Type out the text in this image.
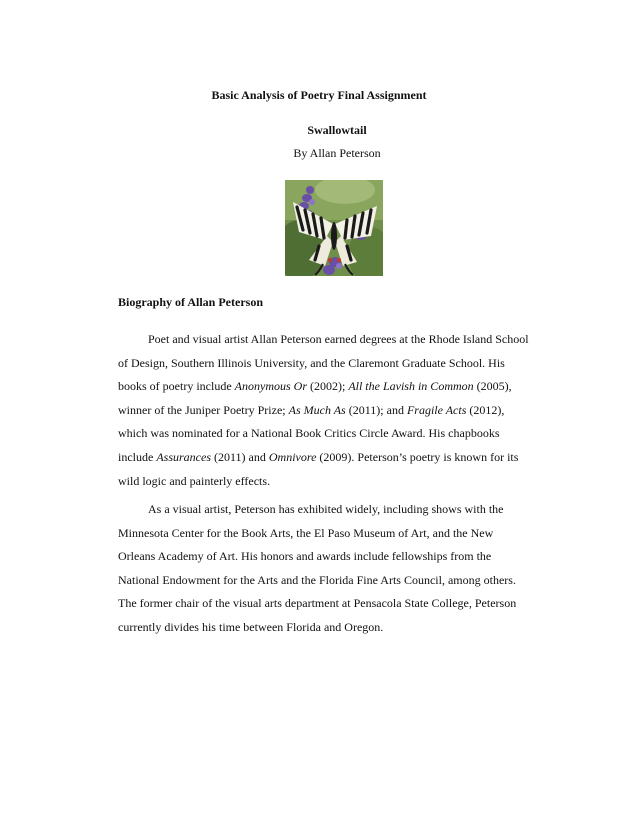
Basic Analysis of Poetry Final Assignment
Swallowtail
By Allan Peterson
Biography of Allan Peterson

Poet and visual artist Allan Peterson earned degrees at the Rhode Island School
of Design, Southern Illinois University, and the Claremont Graduate School. His
books of poetry include Anonymous Or (2002); All the Lavish in Common (2005),
winner of the Juniper Poetry Prize; As Much As (2011); and Fragile Acts (2012),
which was nominated for a National Book Critics Circle Award. His chapbooks
include Assurances (2011) and Omnivore (2009). Peterson’s poetry is known for its
wild logic and painterly effects.

As a visual artist, Peterson has exhibited widely, including shows with the
Minnesota Center for the Book Arts, the El Paso Museum of Art, and the New
Orleans Academy of Art. His honors and awards include fellowships from the
National Endowment for the Arts and the Florida Fine Arts Council, among others.
The former chair of the visual arts department at Pensacola State College, Peterson
currently divides his time between Florida and Oregon.
